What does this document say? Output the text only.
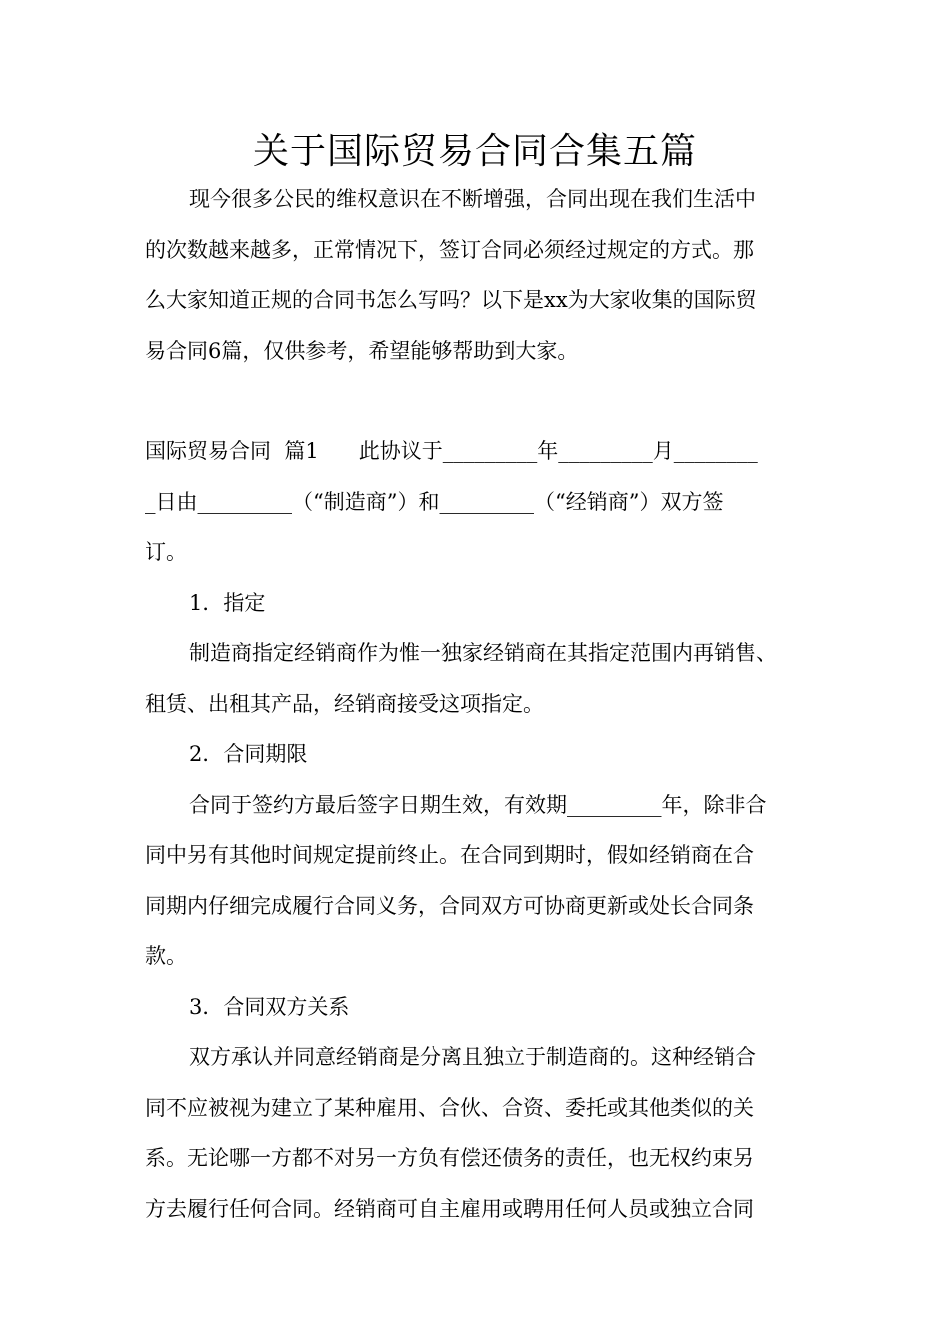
关于国际贸易合同合集五篇
现今很多公民的维权意识在不断增强，合同出现在我们生活中
的次数越来越多，正常情况下，签订合同必须经过规定的方式。那
么大家知道正规的合同书怎么写吗？以下是xx为大家收集的国际贸
易合同6篇，仅供参考，希望能够帮助到大家。
国际贸易合同  篇1      此协议于_________年_________月________
_日由_________（“制造商”）和_________（“经销商”）双方签
订。
1．指定
制造商指定经销商作为惟一独家经销商在其指定范围内再销售、
租赁、出租其产品，经销商接受这项指定。
2．合同期限
合同于签约方最后签字日期生效，有效期_________年，除非合
同中另有其他时间规定提前终止。在合同到期时，假如经销商在合
同期内仔细完成履行合同义务，合同双方可协商更新或处长合同条
款。
3．合同双方关系
双方承认并同意经销商是分离且独立于制造商的。这种经销合
同不应被视为建立了某种雇用、合伙、合资、委托或其他类似的关
系。无论哪一方都不对另一方负有偿还债务的责任，也无权约束另
方去履行任何合同。经销商可自主雇用或聘用任何人员或独立合同
